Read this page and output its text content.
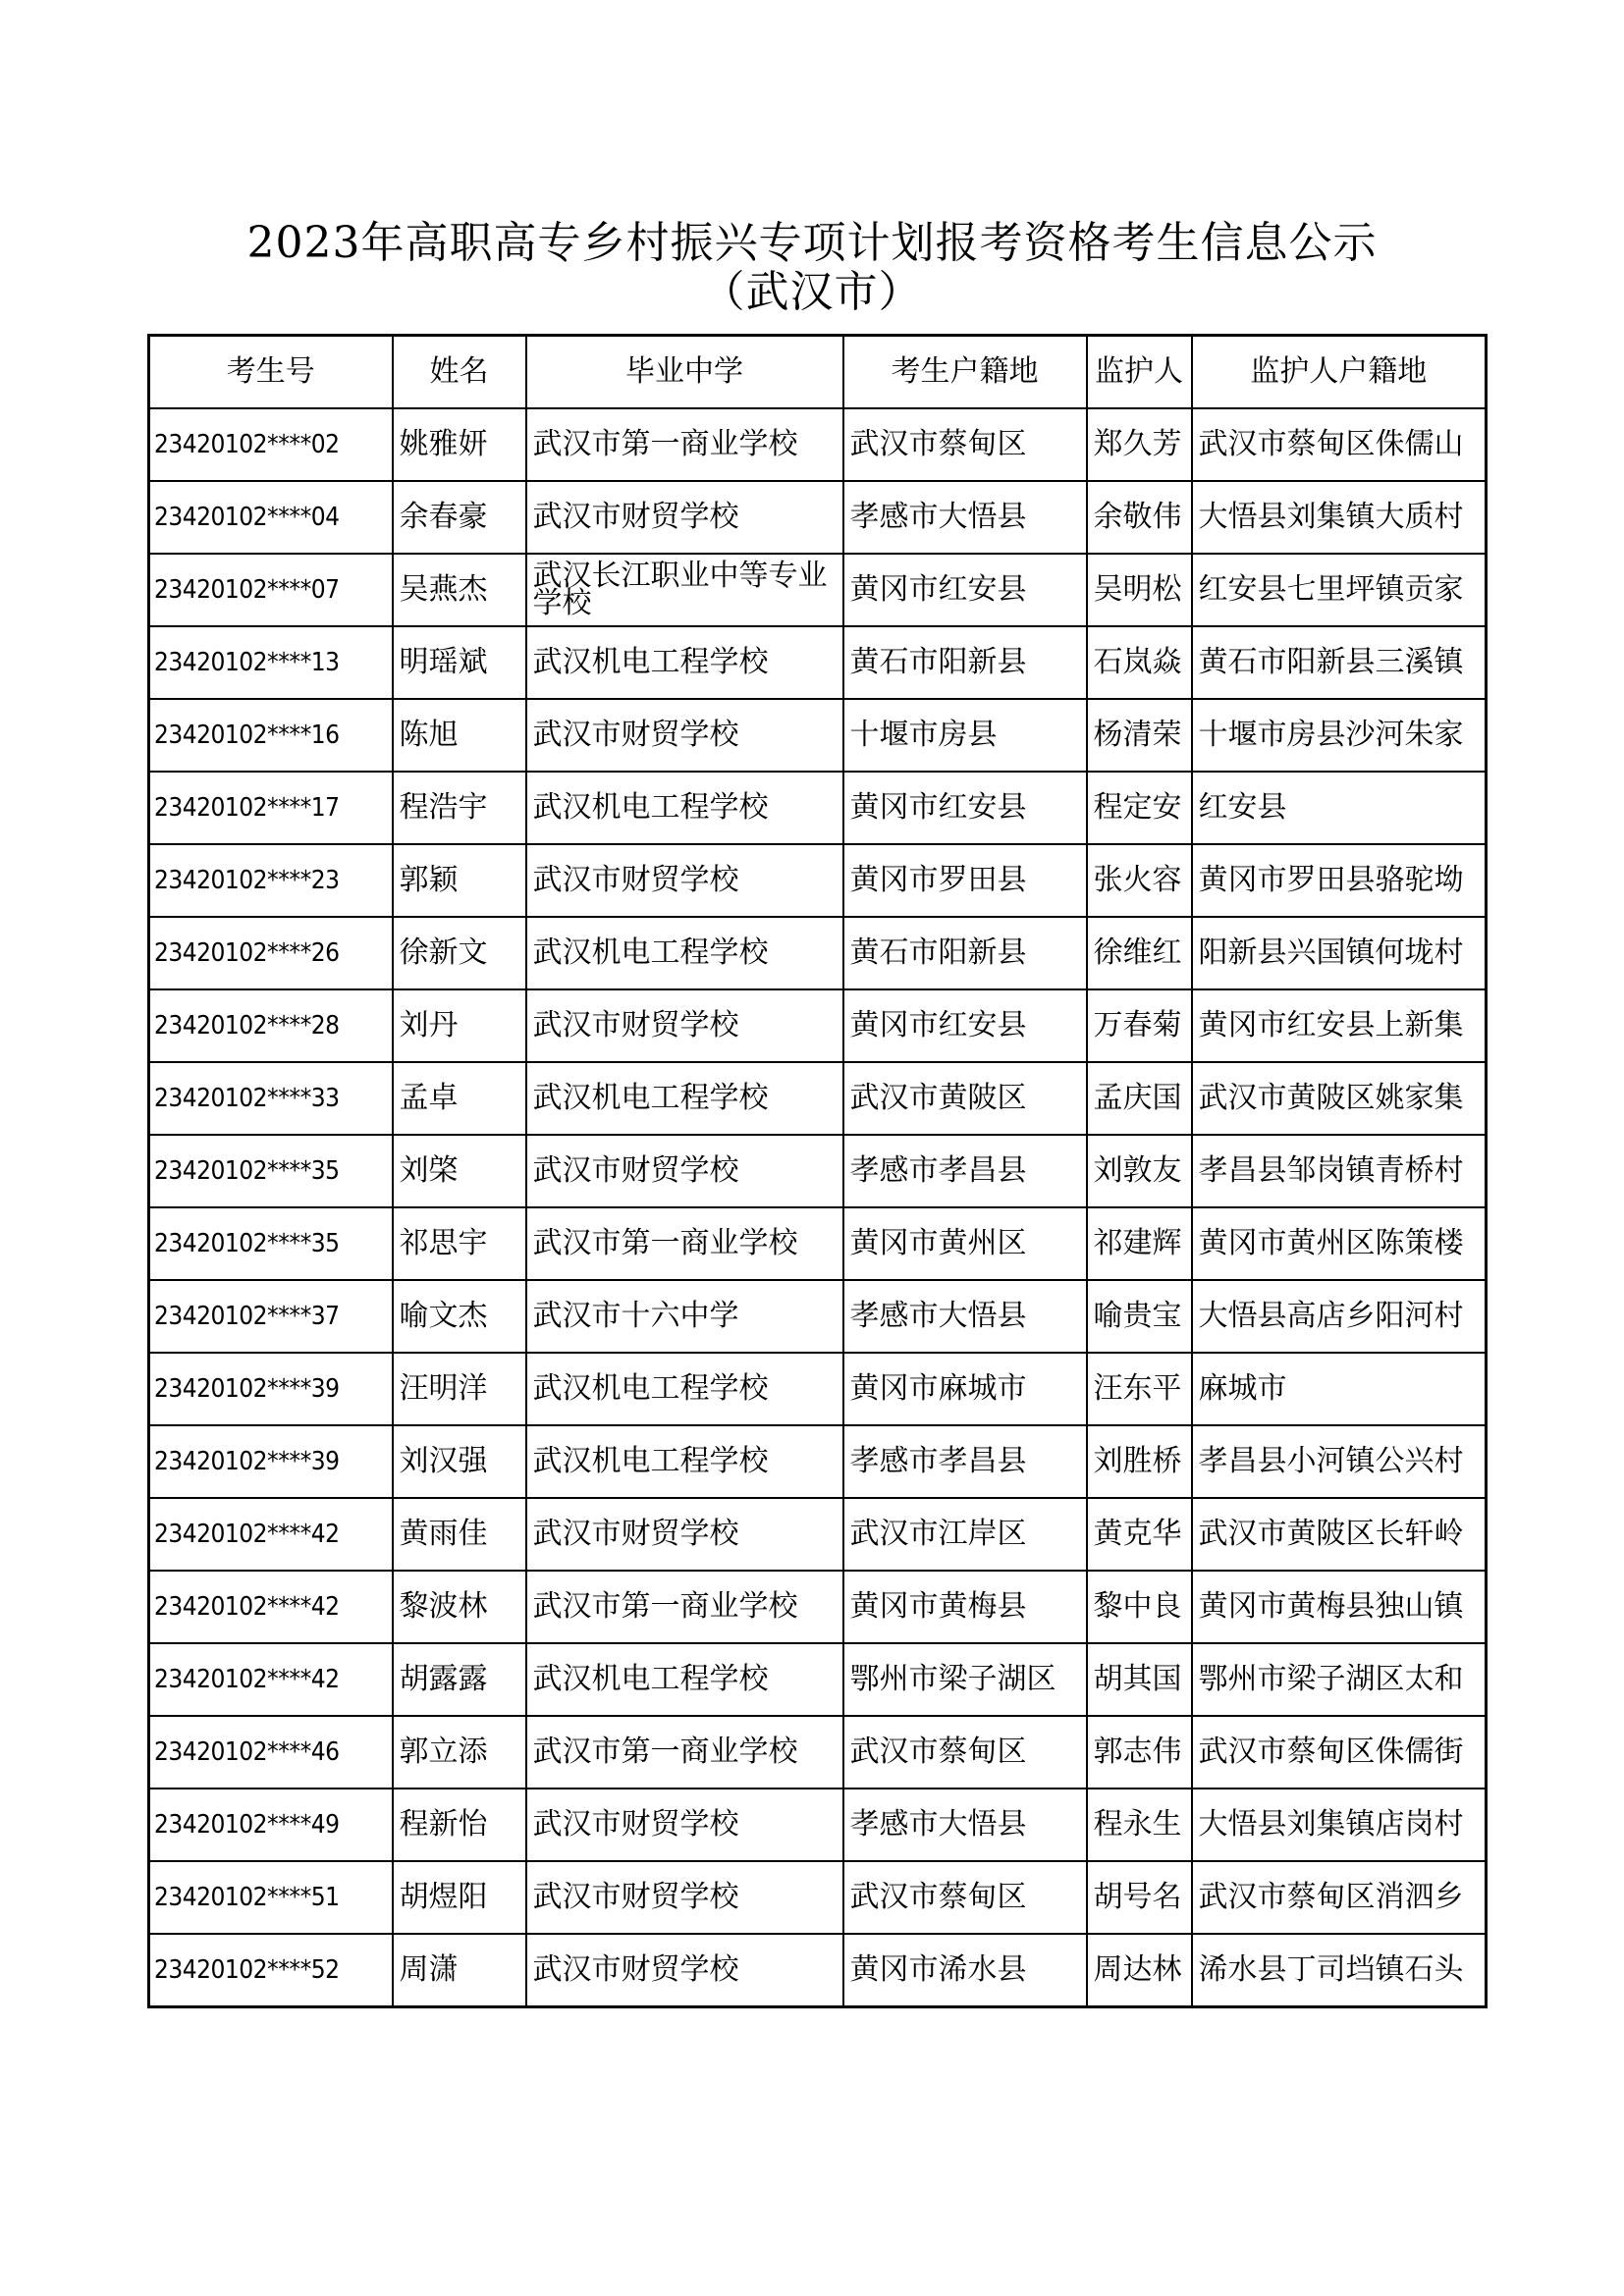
2023年高职高专乡村振兴专项计划报考资格考生信息公示
（武汉市）
考生号	姓名	毕业中学	考生户籍地	监护人	监护人户籍地
23420102****02	姚雅妍	武汉市第一商业学校	武汉市蔡甸区	郑久芳	武汉市蔡甸区侏儒山
23420102****04	余春豪	武汉市财贸学校	孝感市大悟县	余敬伟	大悟县刘集镇大质村
23420102****07	吴燕杰	武汉长江职业中等专业学校	黄冈市红安县	吴明松	红安县七里坪镇贡家
23420102****13	明瑶斌	武汉机电工程学校	黄石市阳新县	石岚焱	黄石市阳新县三溪镇
23420102****16	陈旭	武汉市财贸学校	十堰市房县	杨清荣	十堰市房县沙河朱家
23420102****17	程浩宇	武汉机电工程学校	黄冈市红安县	程定安	红安县
23420102****23	郭颖	武汉市财贸学校	黄冈市罗田县	张火容	黄冈市罗田县骆驼坳
23420102****26	徐新文	武汉机电工程学校	黄石市阳新县	徐维红	阳新县兴国镇何垅村
23420102****28	刘丹	武汉市财贸学校	黄冈市红安县	万春菊	黄冈市红安县上新集
23420102****33	孟卓	武汉机电工程学校	武汉市黄陂区	孟庆国	武汉市黄陂区姚家集
23420102****35	刘棨	武汉市财贸学校	孝感市孝昌县	刘敦友	孝昌县邹岗镇青桥村
23420102****35	祁思宇	武汉市第一商业学校	黄冈市黄州区	祁建辉	黄冈市黄州区陈策楼
23420102****37	喻文杰	武汉市十六中学	孝感市大悟县	喻贵宝	大悟县高店乡阳河村
23420102****39	汪明洋	武汉机电工程学校	黄冈市麻城市	汪东平	麻城市
23420102****39	刘汉强	武汉机电工程学校	孝感市孝昌县	刘胜桥	孝昌县小河镇公兴村
23420102****42	黄雨佳	武汉市财贸学校	武汉市江岸区	黄克华	武汉市黄陂区长轩岭
23420102****42	黎波林	武汉市第一商业学校	黄冈市黄梅县	黎中良	黄冈市黄梅县独山镇
23420102****42	胡露露	武汉机电工程学校	鄂州市梁子湖区	胡其国	鄂州市梁子湖区太和
23420102****46	郭立添	武汉市第一商业学校	武汉市蔡甸区	郭志伟	武汉市蔡甸区侏儒街
23420102****49	程新怡	武汉市财贸学校	孝感市大悟县	程永生	大悟县刘集镇店岗村
23420102****51	胡煜阳	武汉市财贸学校	武汉市蔡甸区	胡号名	武汉市蔡甸区消泗乡
23420102****52	周潇	武汉市财贸学校	黄冈市浠水县	周达林	浠水县丁司垱镇石头
